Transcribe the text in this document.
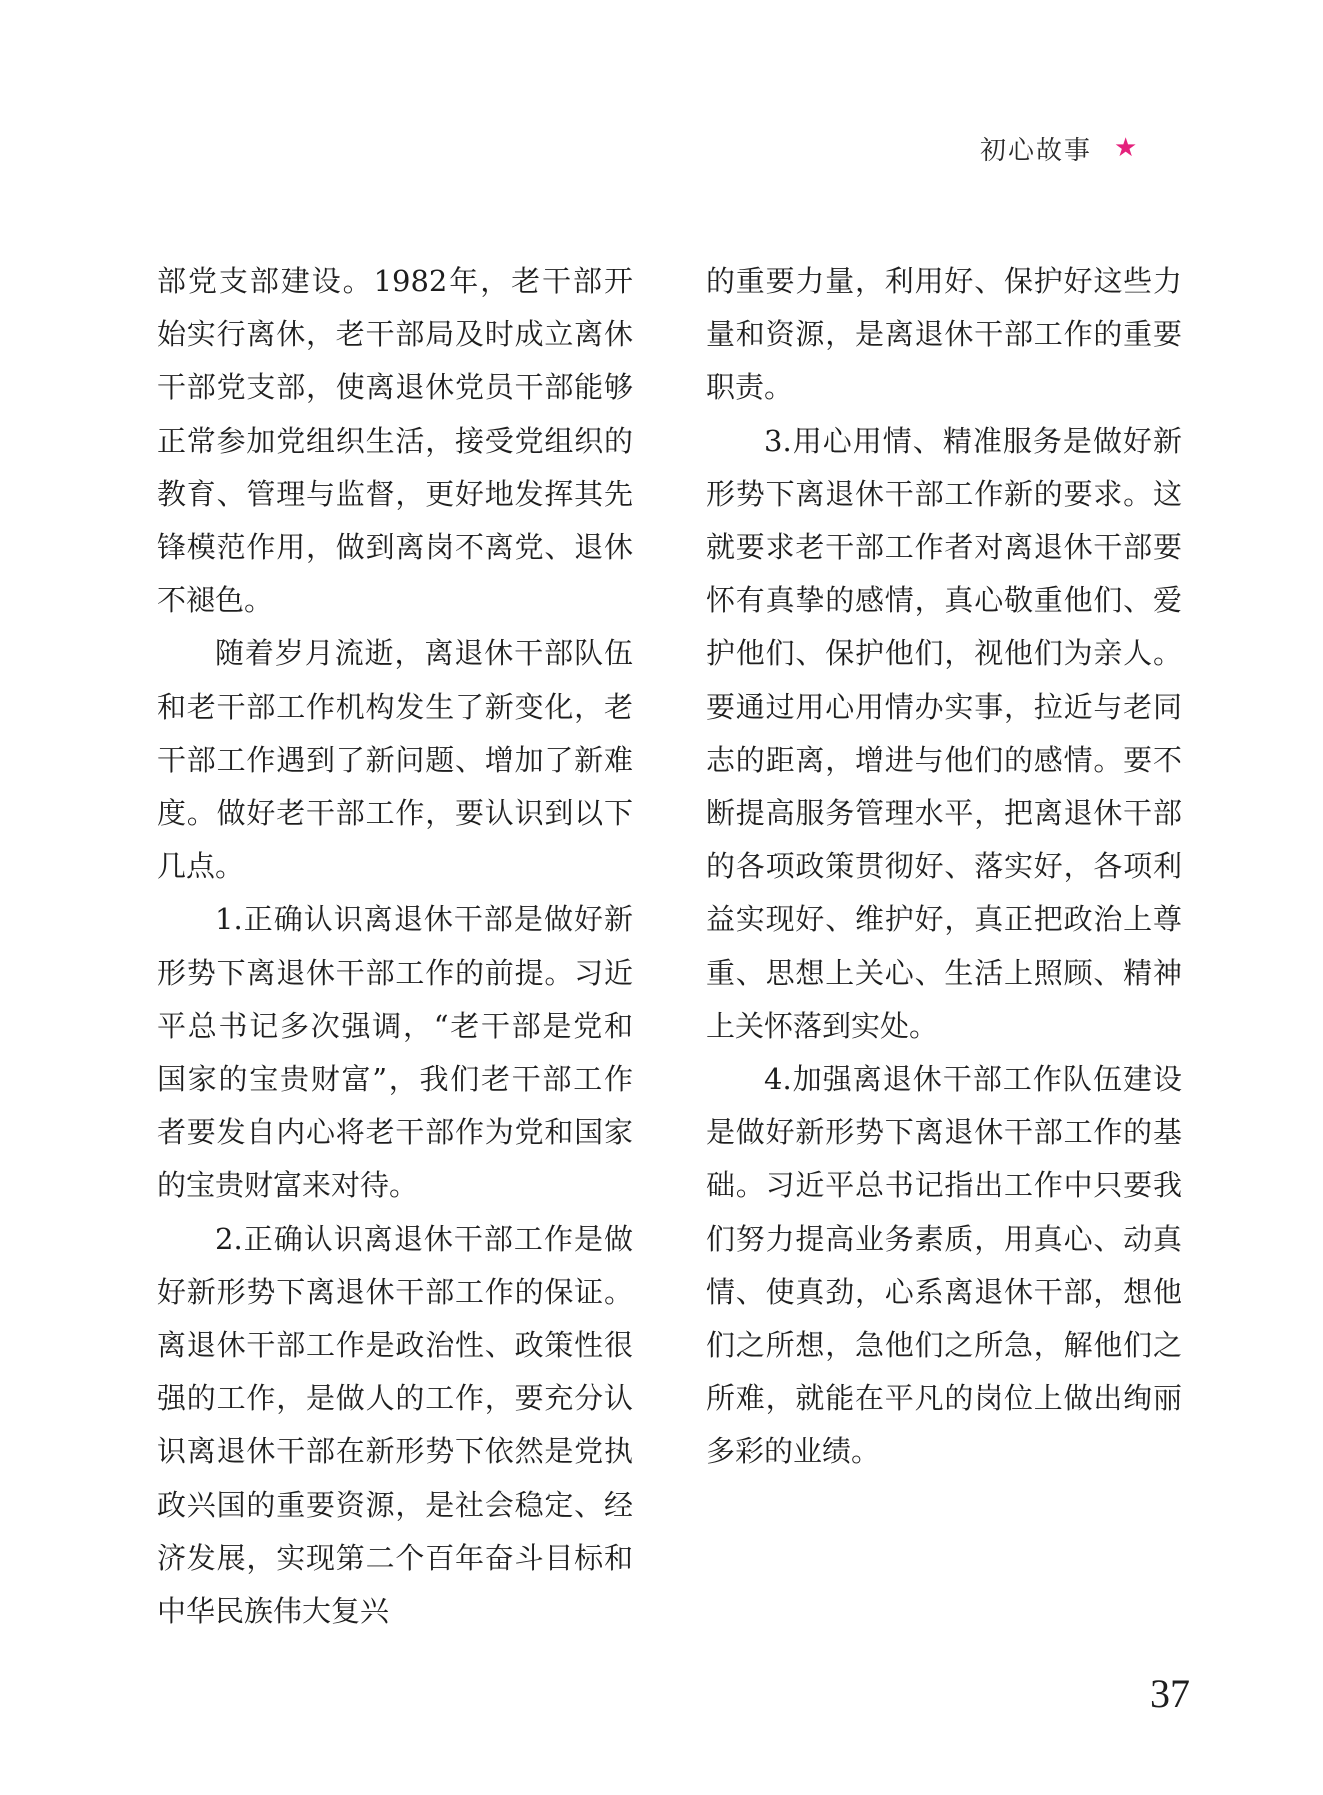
初心故事 ★

部党支部建设。1982年，老干部开始实行离休，老干部局及时成立离休干部党支部，使离退休党员干部能够正常参加党组织生活，接受党组织的教育、管理与监督，更好地发挥其先锋模范作用，做到离岗不离党、退休不褪色。

随着岁月流逝，离退休干部队伍和老干部工作机构发生了新变化，老干部工作遇到了新问题、增加了新难度。做好老干部工作，要认识到以下几点。

1.正确认识离退休干部是做好新形势下离退休干部工作的前提。习近平总书记多次强调，“老干部是党和国家的宝贵财富”，我们老干部工作者要发自内心将老干部作为党和国家的宝贵财富来对待。

2.正确认识离退休干部工作是做好新形势下离退休干部工作的保证。离退休干部工作是政治性、政策性很强的工作，是做人的工作，要充分认识离退休干部在新形势下依然是党执政兴国的重要资源，是社会稳定、经济发展，实现第二个百年奋斗目标和中华民族伟大复兴

的重要力量，利用好、保护好这些力量和资源，是离退休干部工作的重要职责。

3.用心用情、精准服务是做好新形势下离退休干部工作新的要求。这就要求老干部工作者对离退休干部要怀有真挚的感情，真心敬重他们、爱护他们、保护他们，视他们为亲人。要通过用心用情办实事，拉近与老同志的距离，增进与他们的感情。要不断提高服务管理水平，把离退休干部的各项政策贯彻好、落实好，各项利益实现好、维护好，真正把政治上尊重、思想上关心、生活上照顾、精神上关怀落到实处。

4.加强离退休干部工作队伍建设是做好新形势下离退休干部工作的基础。习近平总书记指出工作中只要我们努力提高业务素质，用真心、动真情、使真劲，心系离退休干部，想他们之所想，急他们之所急，解他们之所难，就能在平凡的岗位上做出绚丽多彩的业绩。

37
